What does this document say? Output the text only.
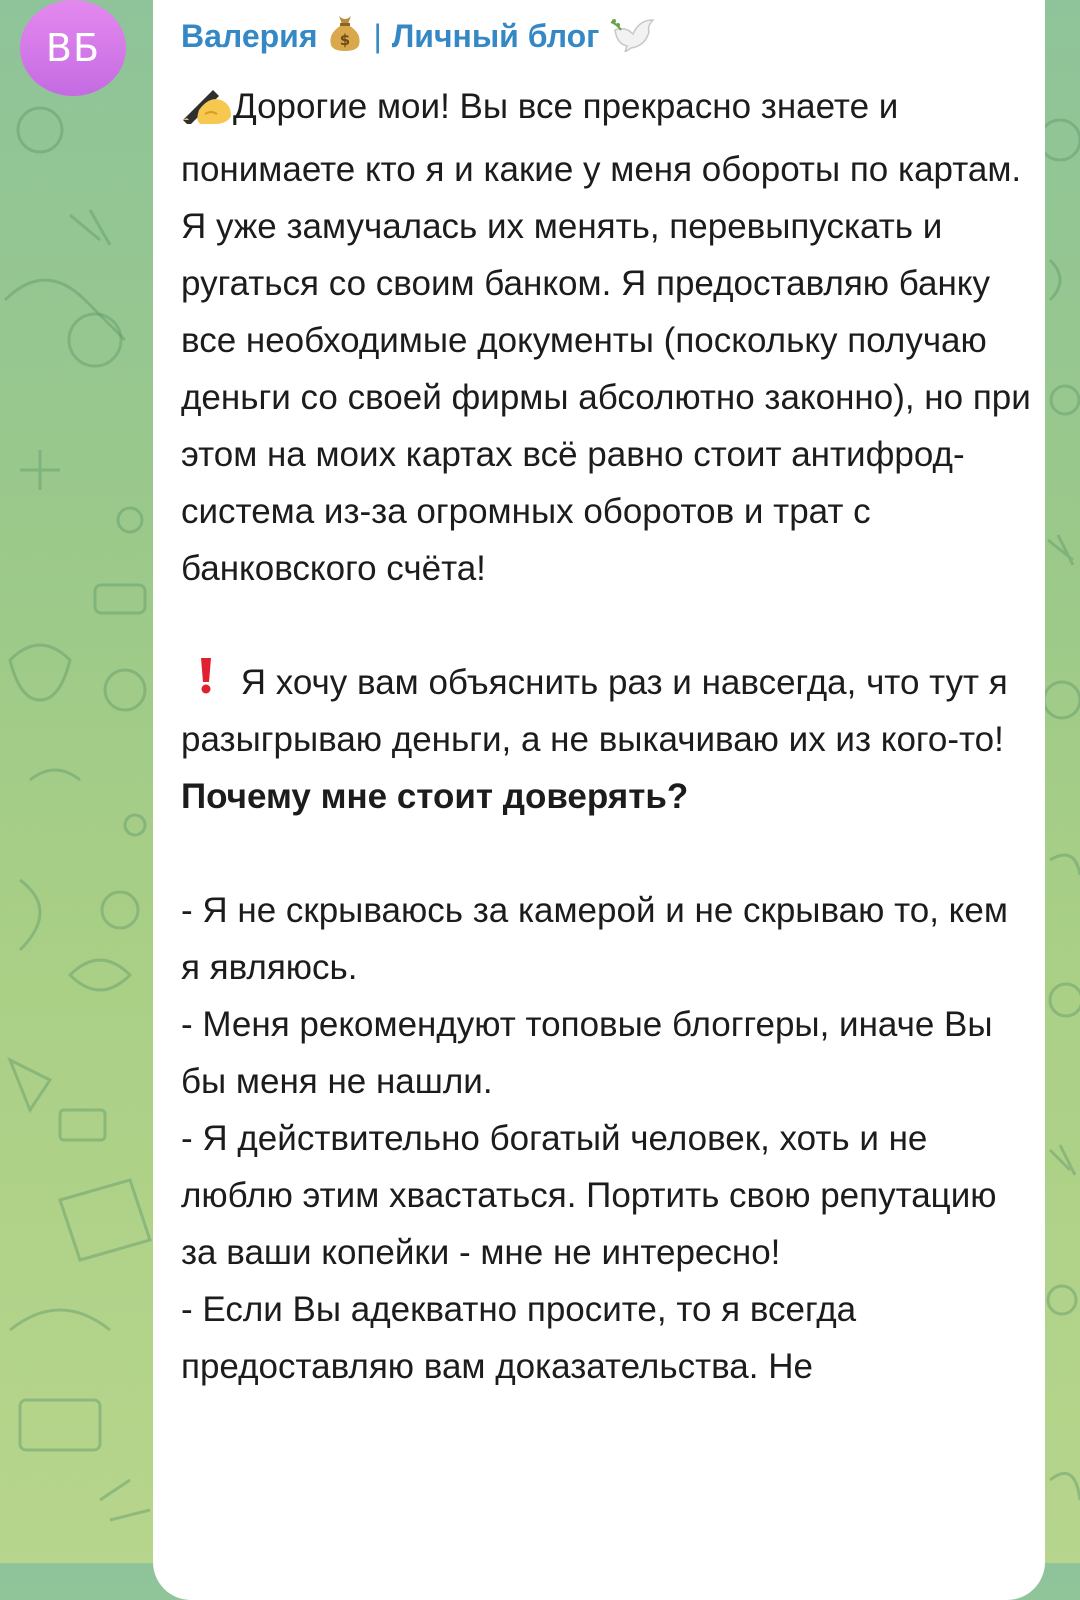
ВБ	Валерия $ | Личный блог

Дорогие мои! Вы все прекрасно знаете и понимаете кто я и какие у меня обороты по картам. Я уже замучалась их менять, перевыпускать и ругаться со своим банком. Я предоставляю банку все необходимые документы (поскольку получаю деньги со своей фирмы абсолютно законно), но при этом на моих картах всё равно стоит антифрод-система из-за огромных оборотов и трат с банковского счёта!

Я хочу вам объяснить раз и навсегда, что тут я разыгрываю деньги, а не выкачиваю их из кого-то!

Почему мне стоит доверять?

- Я не скрываюсь за камерой и не скрываю то, кем я являюсь.

- Меня рекомендуют топовые блоггеры, иначе Вы бы меня не нашли.

- Я действительно богатый человек, хоть и не люблю этим хвастаться. Портить свою репутацию за ваши копейки - мне не интересно!

- Если Вы адекватно просите, то я всегда предоставляю вам доказательства. Не
